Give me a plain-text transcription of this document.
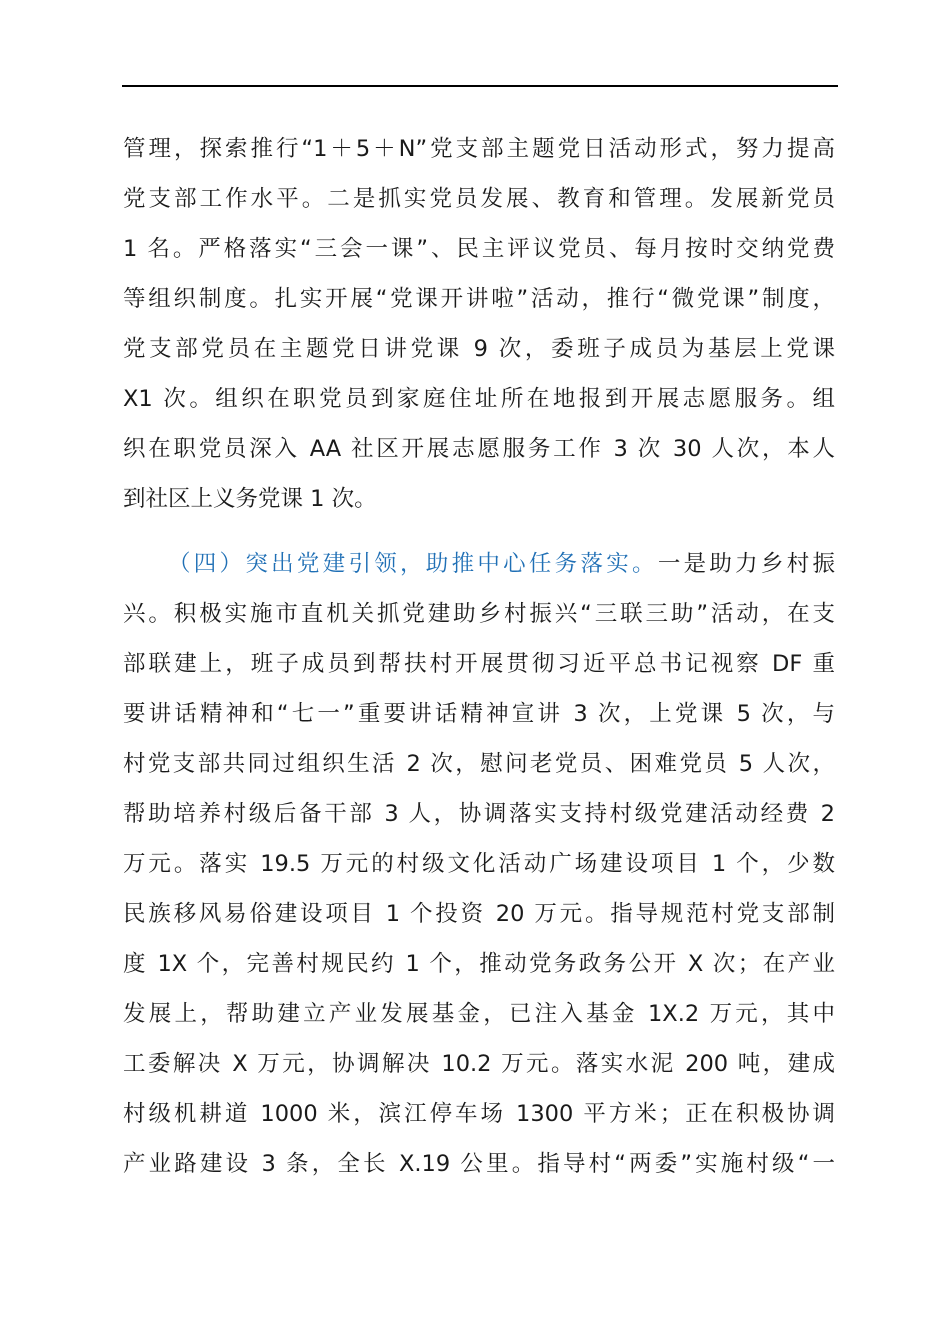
管理，探索推行“1＋5＋N”党支部主题党日活动形式，努力提高
党支部工作水平。二是抓实党员发展、教育和管理。发展新党员
1 名。严格落实“三会一课”、民主评议党员、每月按时交纳党费
等组织制度。扎实开展“党课开讲啦”活动，推行“微党课”制度，
党支部党员在主题党日讲党课 9 次，委班子成员为基层上党课
X1 次。组织在职党员到家庭住址所在地报到开展志愿服务。组
织在职党员深入 AA 社区开展志愿服务工作 3 次 30 人次，本人
到社区上义务党课 1 次。
（四）突出党建引领，助推中心任务落实。一是助力乡村振
兴。积极实施市直机关抓党建助乡村振兴“三联三助”活动，在支
部联建上，班子成员到帮扶村开展贯彻习近平总书记视察 DF 重
要讲话精神和“七一”重要讲话精神宣讲 3 次，上党课 5 次，与
村党支部共同过组织生活 2 次，慰问老党员、困难党员 5 人次，
帮助培养村级后备干部 3 人，协调落实支持村级党建活动经费 2
万元。落实 19.5 万元的村级文化活动广场建设项目 1 个，少数
民族移风易俗建设项目 1 个投资 20 万元。指导规范村党支部制
度 1X 个，完善村规民约 1 个，推动党务政务公开 X 次；在产业
发展上，帮助建立产业发展基金，已注入基金 1X.2 万元，其中
工委解决 X 万元，协调解决 10.2 万元。落实水泥 200 吨，建成
村级机耕道 1000 米，滨江停车场 1300 平方米；正在积极协调
产业路建设 3 条，全长 X.19 公里。指导村“两委”实施村级“一
